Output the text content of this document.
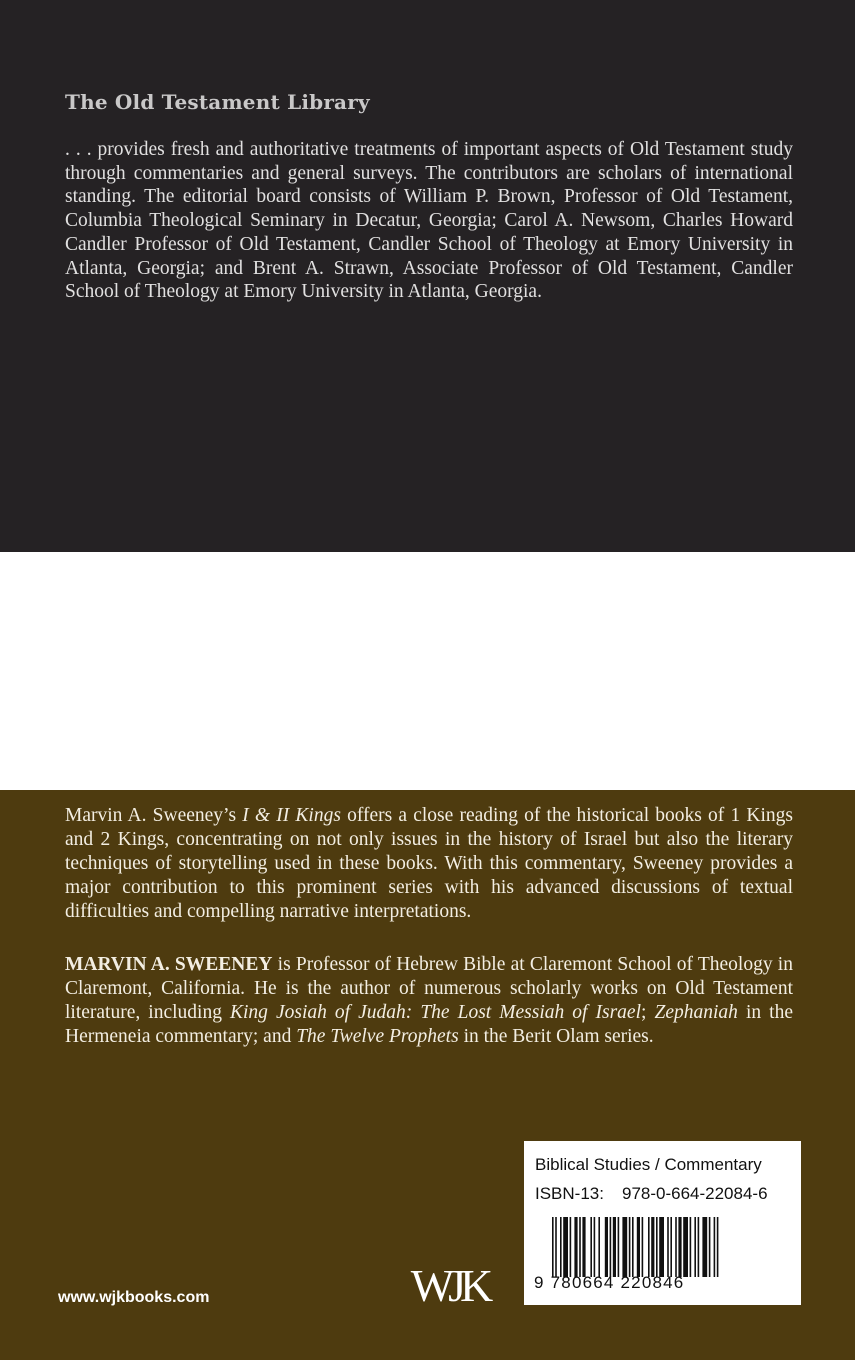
The Old Testament Library

. . . provides fresh and authoritative treatments of important aspects of Old Testament study through commentaries and general surveys. The contributors are scholars of international standing. The editorial board consists of William P. Brown, Professor of Old Testament, Columbia Theological Seminary in Decatur, Georgia; Carol A. Newsom, Charles Howard Candler Professor of Old Testament, Candler School of Theology at Emory University in Atlanta, Georgia; and Brent A. Strawn, Associate Professor of Old Testament, Candler School of Theology at Emory University in Atlanta, Georgia.

Marvin A. Sweeney’s I & II Kings offers a close reading of the historical books of 1 Kings and 2 Kings, concentrating on not only issues in the history of Israel but also the literary techniques of storytelling used in these books. With this commentary, Sweeney provides a major contribution to this prominent series with his advanced discussions of textual difficulties and compelling narrative interpretations.

MARVIN A. SWEENEY is Professor of Hebrew Bible at Claremont School of Theology in Claremont, California. He is the author of numerous scholarly works on Old Testament literature, including King Josiah of Judah: The Lost Messiah of Israel; Zephaniah in the Hermeneia commentary; and The Twelve Prophets in the Berit Olam series.

www.wjkbooks.com	WJK
Biblical Studies / Commentary
ISBN-13: 978-0-664-22084-6
9 780664 220846
